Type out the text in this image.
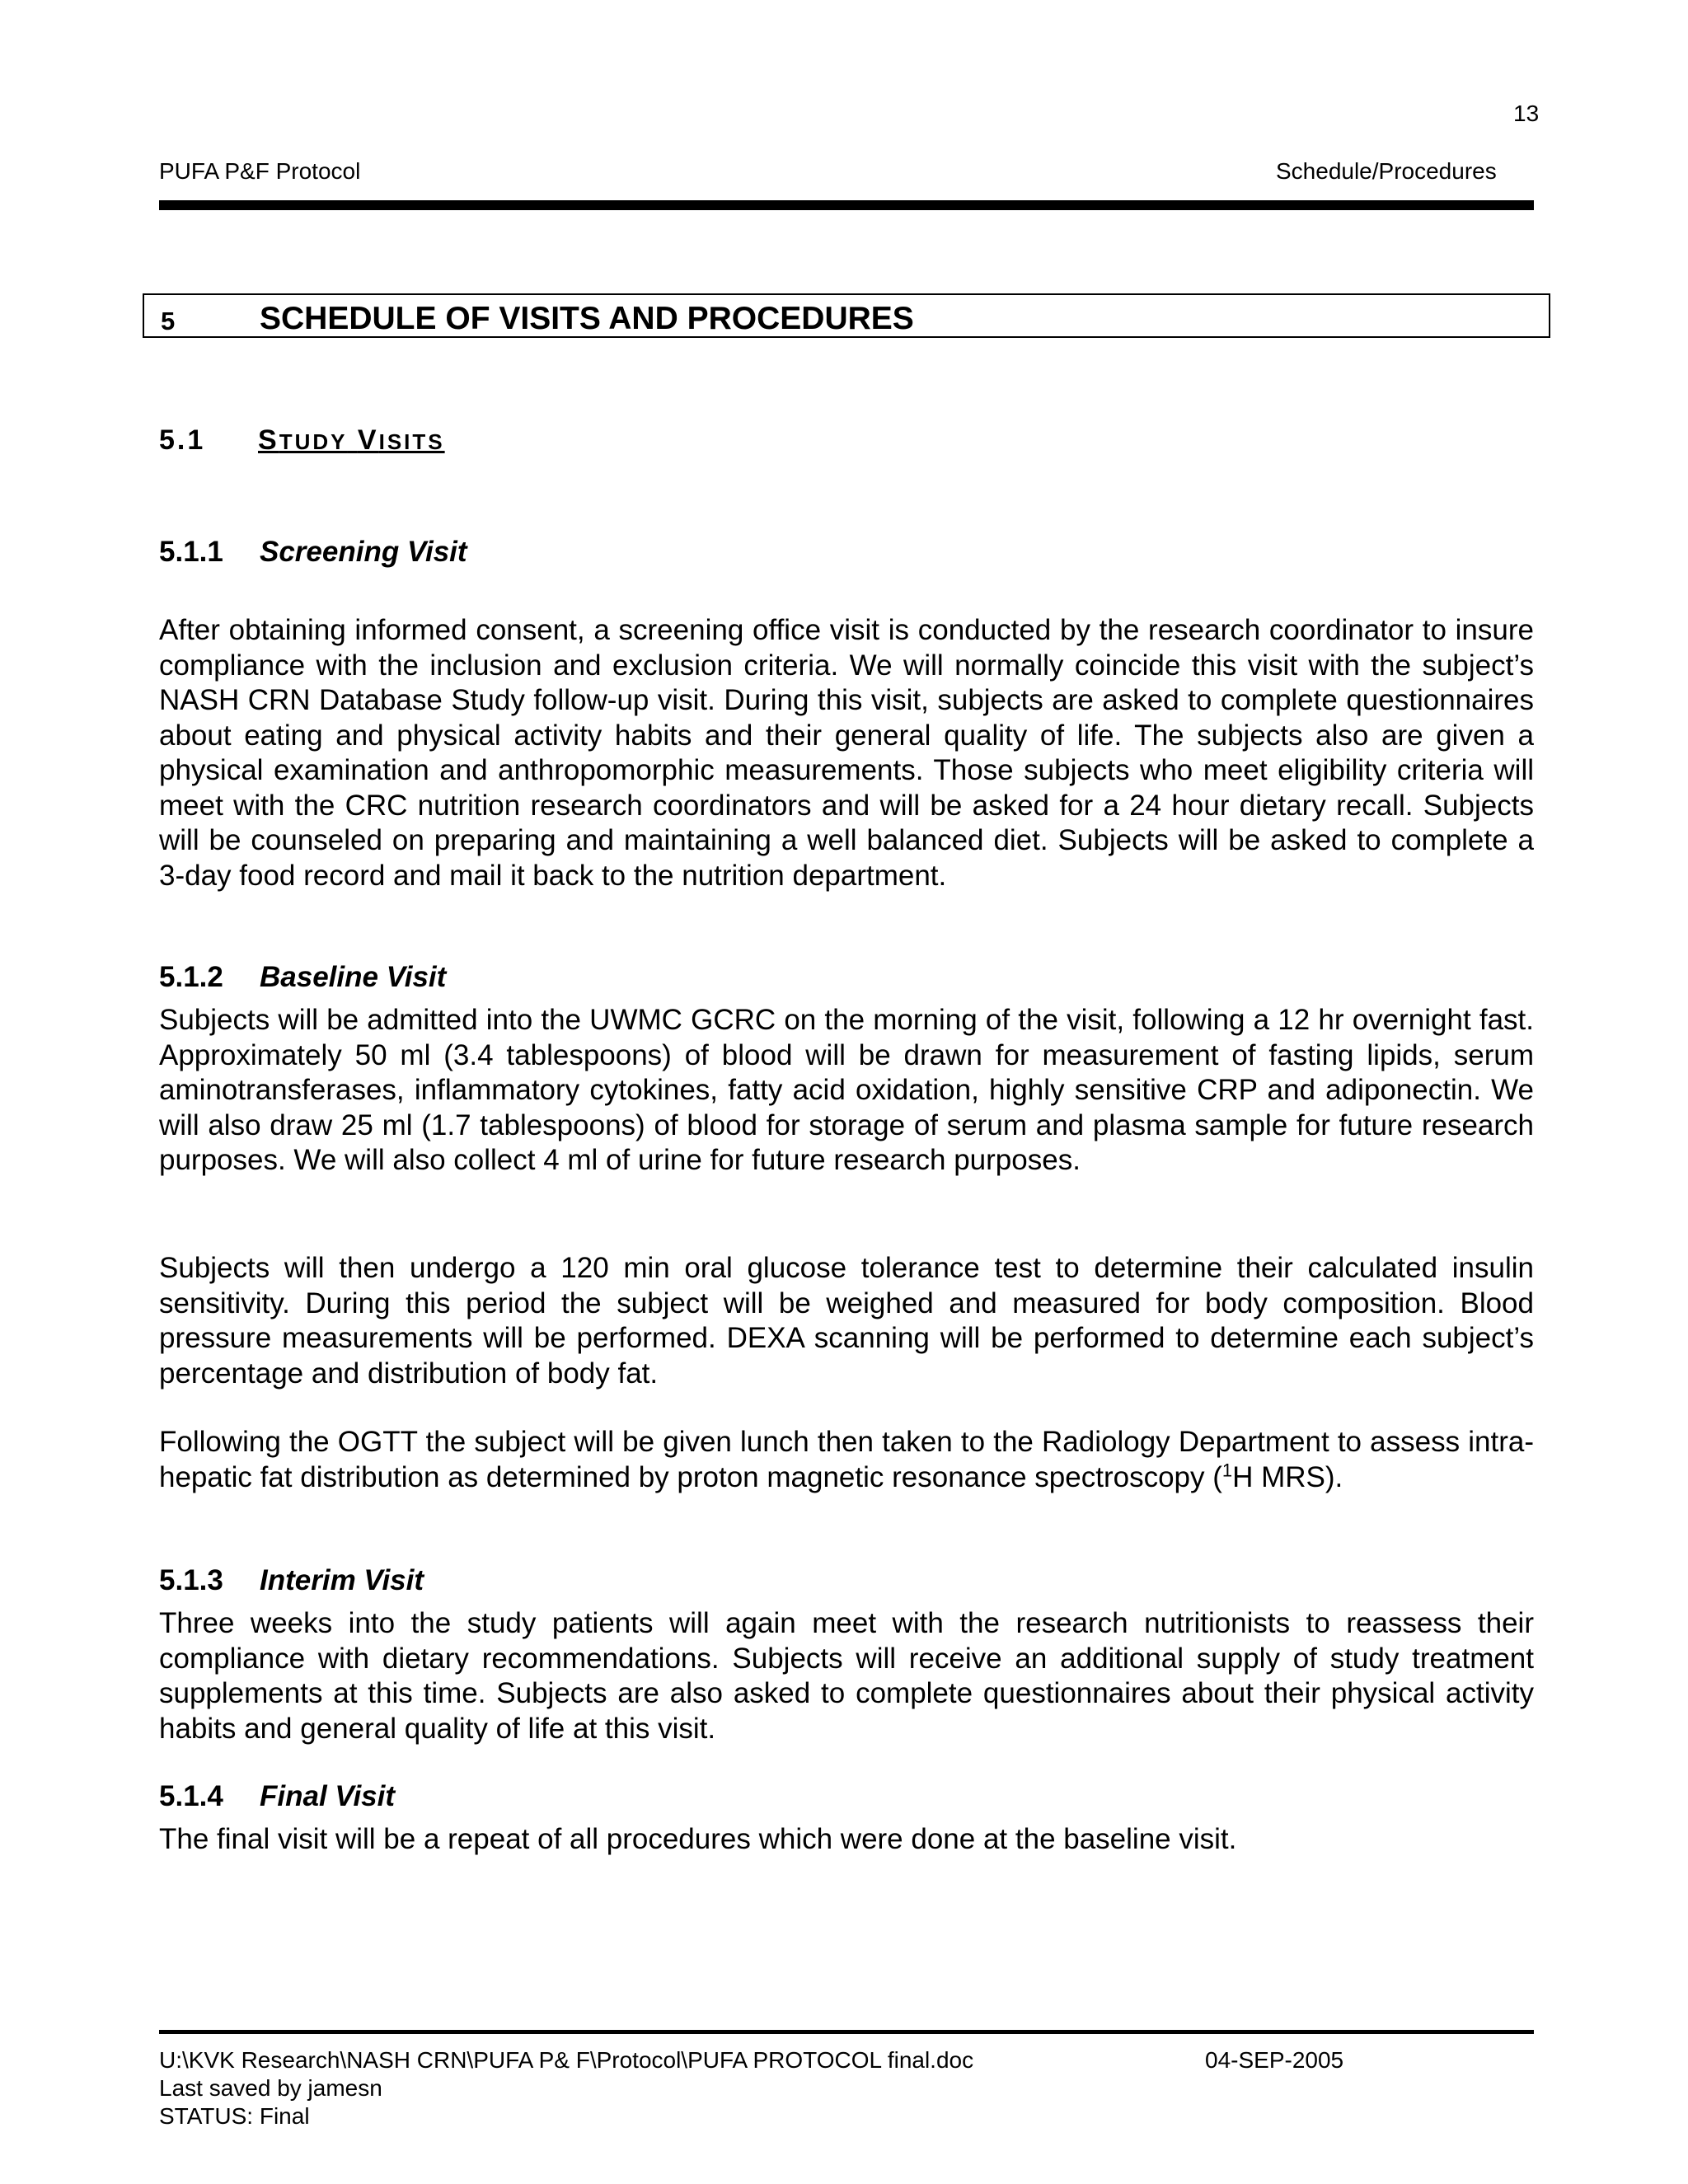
13
PUFA P&F Protocol	Schedule/Procedures
5	SCHEDULE OF VISITS AND PROCEDURES
5.1 STUDY VISITS
5.1.1 Screening Visit

After obtaining informed consent, a screening office visit is conducted by the research coordinator to insure compliance with the inclusion and exclusion criteria. We will normally coincide this visit with the subject’s NASH CRN Database Study follow-up visit. During this visit, subjects are asked to complete questionnaires about eating and physical activity habits and their general quality of life. The subjects also are given a physical examination and anthropomorphic measurements. Those subjects who meet eligibility criteria will meet with the CRC nutrition research coordinators and will be asked for a 24 hour dietary recall. Subjects will be counseled on preparing and maintaining a well balanced diet. Subjects will be asked to complete a 3-day food record and mail it back to the nutrition department.

5.1.2 Baseline Visit

Subjects will be admitted into the UWMC GCRC on the morning of the visit, following a 12 hr overnight fast. Approximately 50 ml (3.4 tablespoons) of blood will be drawn for measurement of fasting lipids, serum aminotransferases, inflammatory cytokines, fatty acid oxidation, highly sensitive CRP and adiponectin. We will also draw 25 ml (1.7 tablespoons) of blood for storage of serum and plasma sample for future research purposes. We will also collect 4 ml of urine for future research purposes.

Subjects will then undergo a 120 min oral glucose tolerance test to determine their calculated insulin sensitivity. During this period the subject will be weighed and measured for body composition. Blood pressure measurements will be performed. DEXA scanning will be performed to determine each subject’s percentage and distribution of body fat.

Following the OGTT the subject will be given lunch then taken to the Radiology Department to assess intra-hepatic fat distribution as determined by proton magnetic resonance spectroscopy ($^1$H MRS).

5.1.3 Interim Visit

Three weeks into the study patients will again meet with the research nutritionists to reassess their compliance with dietary recommendations. Subjects will receive an additional supply of study treatment supplements at this time. Subjects are also asked to complete questionnaires about their physical activity habits and general quality of life at this visit.

5.1.4 Final Visit

The final visit will be a repeat of all procedures which were done at the baseline visit.

U:\KVK Research\NASH CRN\PUFA P& F\Protocol\PUFA PROTOCOL final.doc	04-SEP-2005
Last saved by jamesn
STATUS: Final
